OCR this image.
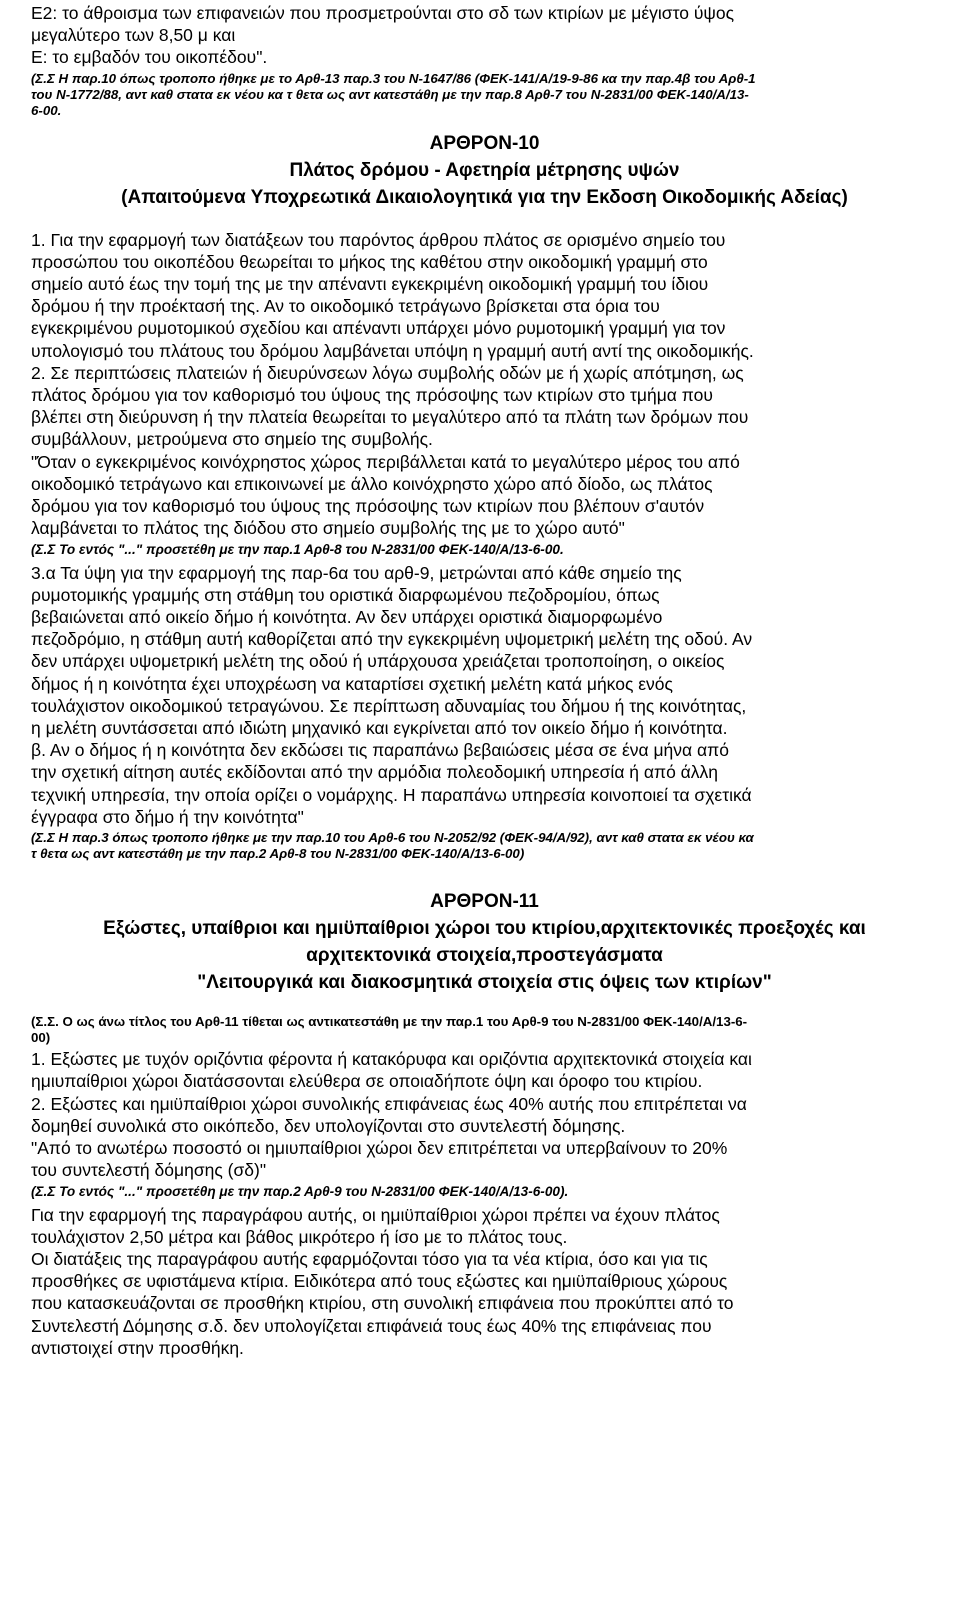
Ε2: το άθροισμα των επιφανειών που προσμετρούνται στο σδ των κτιρίων με μέγιστο ύψος
μεγαλύτερο των 8,50 μ και
Ε: το εμβαδόν του οικοπέδου".

(Σ.Σ Η παρ.10 όπως τροποπο ήθηκε με το Αρθ-13 παρ.3 του Ν-1647/86 (ΦΕΚ-141/Α/19-9-86 κα την παρ.4β του Αρθ-1
του Ν-1772/88, αντ καθ στατα εκ νέου κα τ θετα ως αντ κατεστάθη με την παρ.8 Αρθ-7 του Ν-2831/00 ΦΕΚ-140/Α/13-
6-00.

ΑΡΘΡΟΝ-10

Πλάτος δρόμου - Αφετηρία μέτρησης υψών

(Απαιτούμενα Υποχρεωτικά Δικαιολογητικά για την Εκδοση Οικοδομικής Αδείας)

1. Για την εφαρμογή των διατάξεων του παρόντος άρθρου πλάτος σε ορισμένο σημείο του
προσώπου του οικοπέδου θεωρείται το μήκος της καθέτου στην οικοδομική γραμμή στο
σημείο αυτό έως την τομή της με την απέναντι εγκεκριμένη οικοδομική γραμμή του ίδιου
δρόμου ή την προέκτασή της. Αν το οικοδομικό τετράγωνο βρίσκεται στα όρια του
εγκεκριμένου ρυμοτομικού σχεδίου και απέναντι υπάρχει μόνο ρυμοτομική γραμμή για τον
υπολογισμό του πλάτους του δρόμου λαμβάνεται υπόψη η γραμμή αυτή αντί της οικοδομικής.
2. Σε περιπτώσεις πλατειών ή διευρύνσεων λόγω συμβολής οδών με ή χωρίς απότμηση, ως
πλάτος δρόμου για τον καθορισμό του ύψους της πρόσοψης των κτιρίων στο τμήμα που
βλέπει στη διεύρυνση ή την πλατεία θεωρείται το μεγαλύτερο από τα πλάτη των δρόμων που
συμβάλλουν, μετρούμενα στο σημείο της συμβολής.
"Όταν ο εγκεκριμένος κοινόχρηστος χώρος περιβάλλεται κατά το μεγαλύτερο μέρος του από
οικοδομικό τετράγωνο και επικοινωνεί με άλλο κοινόχρηστο χώρο από δίοδο, ως πλάτος
δρόμου για τον καθορισμό του ύψους της πρόσοψης των κτιρίων που βλέπουν σ'αυτόν
λαμβάνεται το πλάτος της διόδου στο σημείο συμβολής της με το χώρο αυτό"

(Σ.Σ Το εντός "..." προσετέθη με την παρ.1 Αρθ-8 του Ν-2831/00 ΦΕΚ-140/Α/13-6-00.

3.α Τα ύψη για την εφαρμογή της παρ-6α του αρθ-9, μετρώνται από κάθε σημείο της
ρυμοτομικής γραμμής στη στάθμη του οριστικά διαρφωμένου πεζοδρομίου, όπως
βεβαιώνεται από οικείο δήμο ή κοινότητα. Αν δεν υπάρχει οριστικά διαμορφωμένο
πεζοδρόμιο, η στάθμη αυτή καθορίζεται από την εγκεκριμένη υψομετρική μελέτη της οδού. Αν
δεν υπάρχει υψομετρική μελέτη της οδού ή υπάρχουσα χρειάζεται τροποποίηση, ο οικείος
δήμος ή η κοινότητα έχει υποχρέωση να καταρτίσει σχετική μελέτη κατά μήκος ενός
τουλάχιστον οικοδομικού τετραγώνου. Σε περίπτωση αδυναμίας του δήμου ή της κοινότητας,
η μελέτη συντάσσεται από ιδιώτη μηχανικό και εγκρίνεται από τον οικείο δήμο ή κοινότητα.
β. Αν ο δήμος ή η κοινότητα δεν εκδώσει τις παραπάνω βεβαιώσεις μέσα σε ένα μήνα από
την σχετική αίτηση αυτές εκδίδονται από την αρμόδια πολεοδομική υπηρεσία ή από άλλη
τεχνική υπηρεσία, την οποία ορίζει ο νομάρχης. Η παραπάνω υπηρεσία κοινοποιεί τα σχετικά
έγγραφα στο δήμο ή την κοινότητα"

(Σ.Σ Η παρ.3 όπως τροποπο ήθηκε με την παρ.10 του Αρθ-6 του Ν-2052/92 (ΦΕΚ-94/Α/92), αντ καθ στατα εκ νέου κα
τ θετα ως αντ κατεστάθη με την παρ.2 Αρθ-8 του Ν-2831/00 ΦΕΚ-140/Α/13-6-00)

ΑΡΘΡΟΝ-11

Εξώστες, υπαίθριοι και ημιϋπαίθριοι χώροι του κτιρίου,αρχιτεκτονικές προεξοχές και
αρχιτεκτονικά στοιχεία,προστεγάσματα

"Λειτουργικά και διακοσμητικά στοιχεία στις όψεις των κτιρίων"

(Σ.Σ. Ο ως άνω τίτλος του Αρθ-11 τίθεται ως αντικατεστάθη με την παρ.1 του Αρθ-9 του Ν-2831/00 ΦΕΚ-140/Α/13-6-
00)

1. Εξώστες με τυχόν οριζόντια φέροντα ή κατακόρυφα και οριζόντια αρχιτεκτονικά στοιχεία και
ημιυπαίθριοι χώροι διατάσσονται ελεύθερα σε οποιαδήποτε όψη και όροφο του κτιρίου.
2. Εξώστες και ημιϋπαίθριοι χώροι συνολικής επιφάνειας έως 40% αυτής που επιτρέπεται να
δομηθεί συνολικά στο οικόπεδο, δεν υπολογίζονται στο συντελεστή δόμησης.
"Από το ανωτέρω ποσοστό οι ημιυπαίθριοι χώροι δεν επιτρέπεται να υπερβαίνουν το 20%
του συντελεστή δόμησης (σδ)"

(Σ.Σ Το εντός "..." προσετέθη με την παρ.2 Αρθ-9 του Ν-2831/00 ΦΕΚ-140/Α/13-6-00).

Για την εφαρμογή της παραγράφου αυτής, οι ημιϋπαίθριοι χώροι πρέπει να έχουν πλάτος
τουλάχιστον 2,50 μέτρα και βάθος μικρότερο ή ίσο με το πλάτος τους.
Οι διατάξεις της παραγράφου αυτής εφαρμόζονται τόσο για τα νέα κτίρια, όσο και για τις
προσθήκες σε υφιστάμενα κτίρια. Ειδικότερα από τους εξώστες και ημιϋπαίθριους χώρους
που κατασκευάζονται σε προσθήκη κτιρίου, στη συνολική επιφάνεια που προκύπτει από το
Συντελεστή Δόμησης σ.δ. δεν υπολογίζεται επιφάνειά τους έως 40% της επιφάνειας που
αντιστοιχεί στην προσθήκη.
